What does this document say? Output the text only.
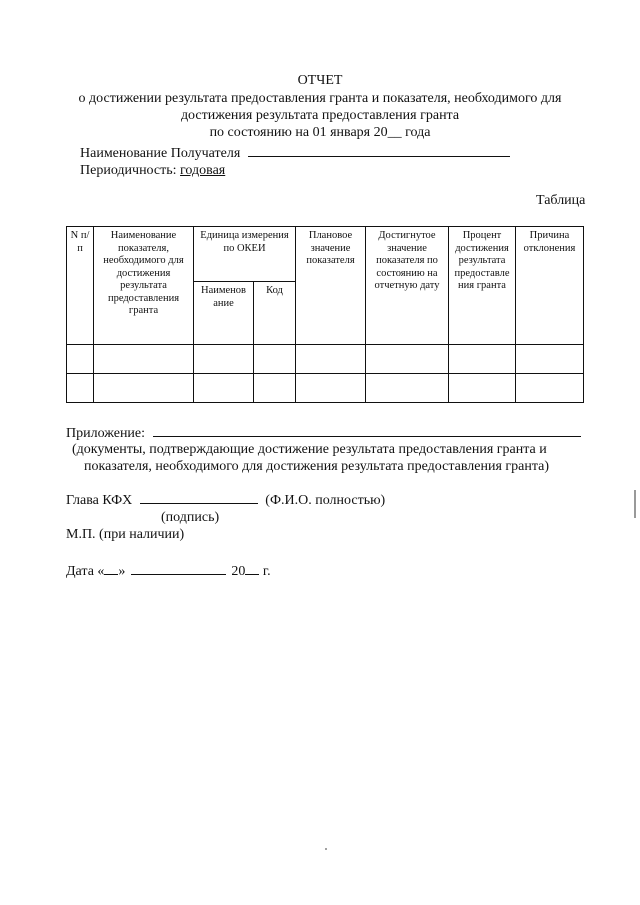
ОТЧЕТ
о достижении результата предоставления гранта и показателя, необходимого для
достижения результата предоставления гранта
по состоянию на 01 января 20__ года
Наименование Получателя
Периодичность: годовая
Таблица
N п/п	Наименование показателя, необходимого для достижения результата предоставления гранта	Единица измерения по ОКЕИ		Плановое значение показателя	Достигнутое значение показателя по состоянию на отчетную дату	Процент достижения результата предоставле ния гранта	Причина отклонения
		Наименов ание	Код				

Приложение:
(документы, подтверждающие достижение результата предоставления гранта и
показателя, необходимого для достижения результата предоставления гранта)
Глава КФХ	(Ф.И.О. полностью)
(подпись)
М.П. (при наличии)
Дата « »	20 г.
